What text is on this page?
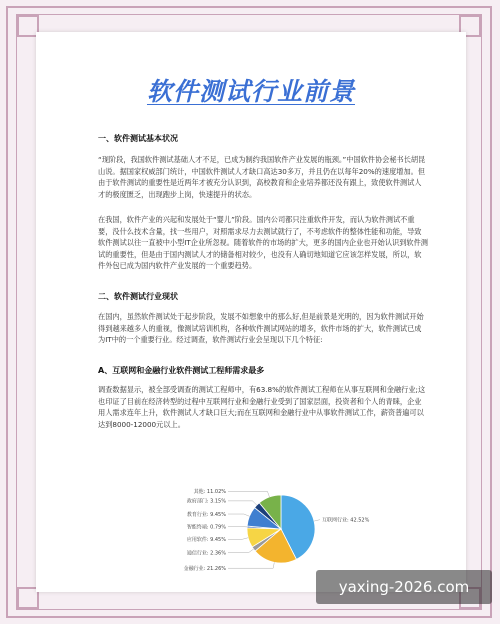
软件测试行业前景
一、软件测试基本状况

“现阶段，我国软件测试基础人才不足，已成为制约我国软件产业发展的瓶颈。”中国软件协会秘书长胡昆山说。据国家权威部门统计，中国软件测试人才缺口高达30多万，并且仍在以每年20%的速度增加。但由于软件测试的重要性是近两年才被充分认识到，高校教育和企业培养都还没有跟上，致使软件测试人才的极度匮乏，出现跑步上岗，快速提升的状态。

在我国，软件产业的兴起和发展处于“婴儿”阶段。国内公司都只注重软件开发，而认为软件测试不重要，没什么技术含量，找一些用户，对照需求尽力去测试就行了，不考虑软件的整体性能和功能，导致软件测试以往一直被中小型IT企业所忽视。随着软件的市场的扩大，更多的国内企业也开始认识到软件测试的重要性，但是由于国内测试人才的储备相对较少，也没有人确切地知道它应该怎样发展，所以，软件外包已成为国内软件产业发展的一个重要趋势。

二、软件测试行业现状

在国内，虽然软件测试处于起步阶段，发展不如想象中的那么好,但是前景是光明的，因为软件测试开始得到越来越多人的重视，像测试培训机构，各种软件测试网站的增多，软件市场的扩大，软件测试已成为IT中的一个重要行业。经过调查，软件测试行业会呈现以下几个特征:

A、互联网和金融行业软件测试工程师需求最多

调查数据显示，被全部受调查的测试工程师中，有63.8%的软件测试工程师在从事互联网和金融行业;这也印证了目前在经济转型的过程中互联网行业和金融行业受到了国家层面，投资者和个人的青睐，企业用人需求连年上升，软件测试人才缺口巨大;而在互联网和金融行业中从事软件测试工作，薪资普遍可以达到8000-12000元以上。

互联网行业: 42.52%
金融行业: 21.26%
通信行业: 2.36%
应用软件: 9.45%
智能终端: 0.79%
教育行业: 9.45%
政府部门: 3.15%
其他: 11.02%
yaxing-2026.com
